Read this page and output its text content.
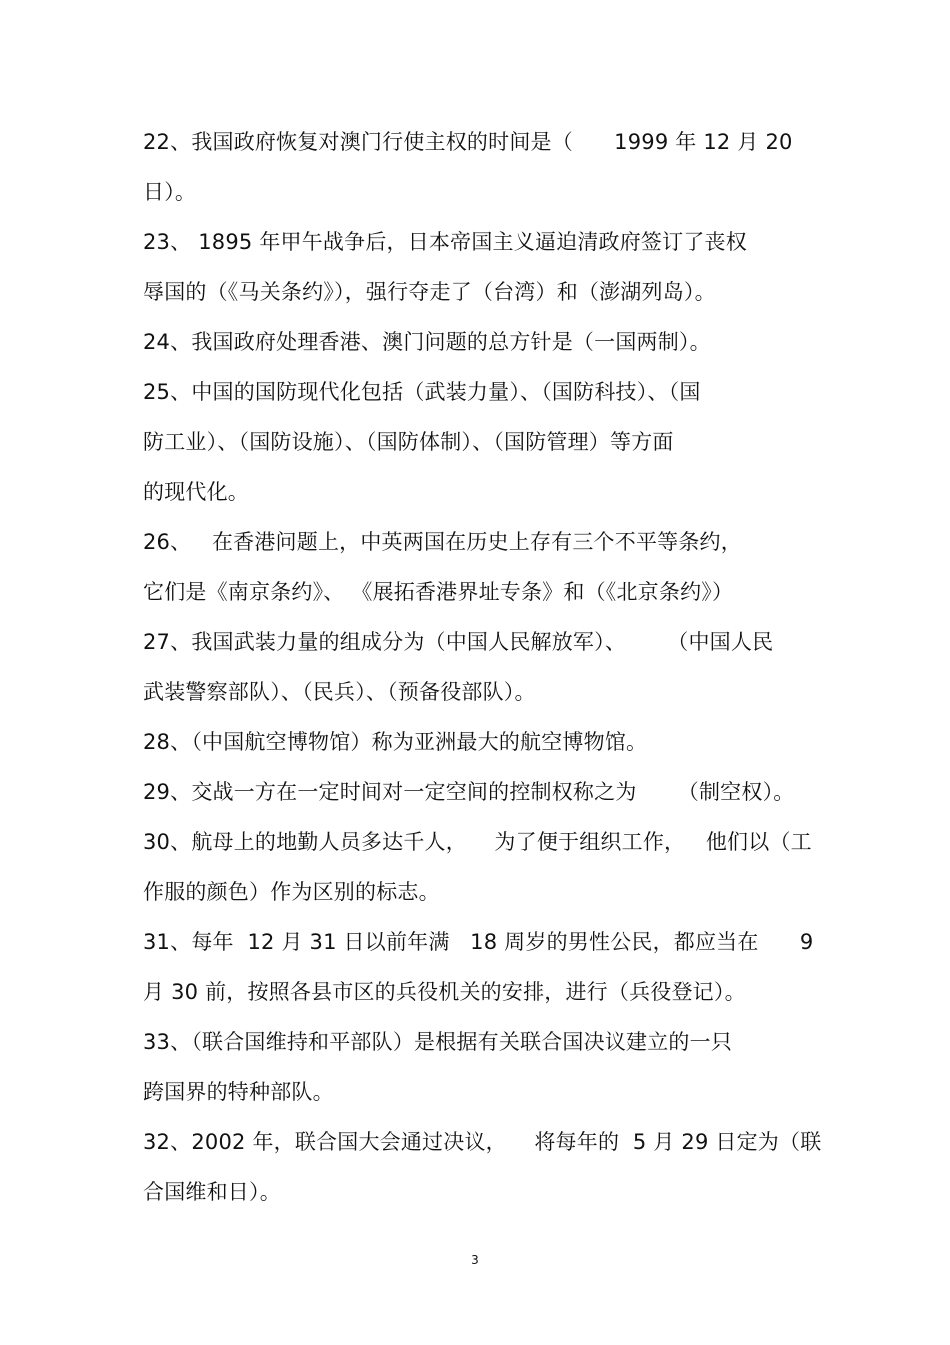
22、我国政府恢复对澳门行使主权的时间是（      1999 年 12 月 20
日）。
23、 1895 年甲午战争后，日本帝国主义逼迫清政府签订了丧权
辱国的（《马关条约》），强行夺走了（台湾）和（澎湖列岛）。
24、我国政府处理香港、澳门问题的总方针是（一国两制）。
25、中国的国防现代化包括（武装力量）、（国防科技）、（国
防工业）、（国防设施）、（国防体制）、（国防管理）等方面
的现代化。
26、   在香港问题上，中英两国在历史上存有三个不平等条约，
它们是《南京条约》、 《展拓香港界址专条》和（《北京条约》）
27、我国武装力量的组成分为（中国人民解放军）、      （中国人民
武装警察部队）、（民兵）、（预备役部队）。
28、（中国航空博物馆）称为亚洲最大的航空博物馆。
29、交战一方在一定时间对一定空间的控制权称之为      （制空权）。
30、航母上的地勤人员多达千人，    为了便于组织工作，   他们以（工
作服的颜色）作为区别的标志。
31、每年  12 月 31 日以前年满   18 周岁的男性公民，都应当在      9
月 30 前，按照各县市区的兵役机关的安排，进行（兵役登记）。
33、（联合国维持和平部队）是根据有关联合国决议建立的一只
跨国界的特种部队。
32、2002 年，联合国大会通过决议，    将每年的  5 月 29 日定为（联
合国维和日）。
3
